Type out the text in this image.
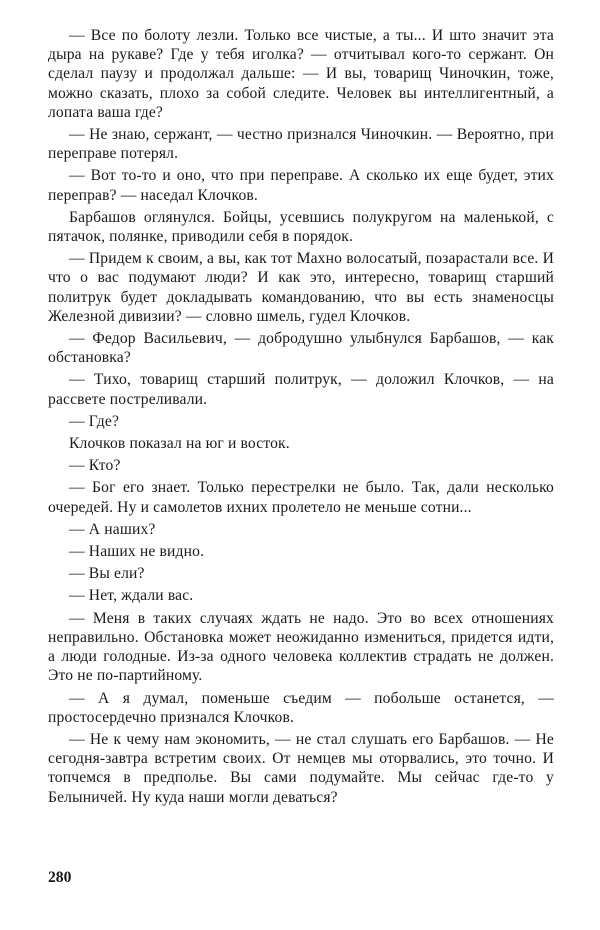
— Все по болоту лезли. Только все чистые, а ты... И што значит эта дыра на рукаве? Где у тебя иголка? — отчитывал кого-то сержант. Он сделал паузу и продолжал дальше: — И вы, товарищ Чиночкин, тоже, можно сказать, плохо за собой следите. Человек вы интеллигентный, а лопата ваша где?

— Не знаю, сержант, — честно признался Чиночкин. — Вероятно, при переправе потерял.

— Вот то-то и оно, что при переправе. А сколько их еще будет, этих переправ? — наседал Клочков.

Барбашов оглянулся. Бойцы, усевшись полукругом на маленькой, с пятачок, полянке, приводили себя в порядок.

— Придем к своим, а вы, как тот Махно волосатый, позарастали все. И что о вас подумают люди? И как это, интересно, товарищ старший политрук будет докладывать командованию, что вы есть знаменосцы Железной дивизии? — словно шмель, гудел Клочков.

— Федор Васильевич, — добродушно улыбнулся Барбашов, — как обстановка?

— Тихо, товарищ старший политрук, — доложил Клочков, — на рассвете постреливали.

— Где?

Клочков показал на юг и восток.

— Кто?

— Бог его знает. Только перестрелки не было. Так, дали несколько очередей. Ну и самолетов ихних пролетело не меньше сотни...

— А наших?

— Наших не видно.

— Вы ели?

— Нет, ждали вас.

— Меня в таких случаях ждать не надо. Это во всех отношениях неправильно. Обстановка может неожиданно измениться, придется идти, а люди голодные. Из-за одного человека коллектив страдать не должен. Это не по-партийному.

— А я думал, поменьше съедим — побольше останется, — простосердечно признался Клочков.

— Не к чему нам экономить, — не стал слушать его Барбашов. — Не сегодня-завтра встретим своих. От немцев мы оторвались, это точно. И топчемся в предполье. Вы сами подумайте. Мы сейчас где-то у Белыничей. Ну куда наши могли деваться?

280
